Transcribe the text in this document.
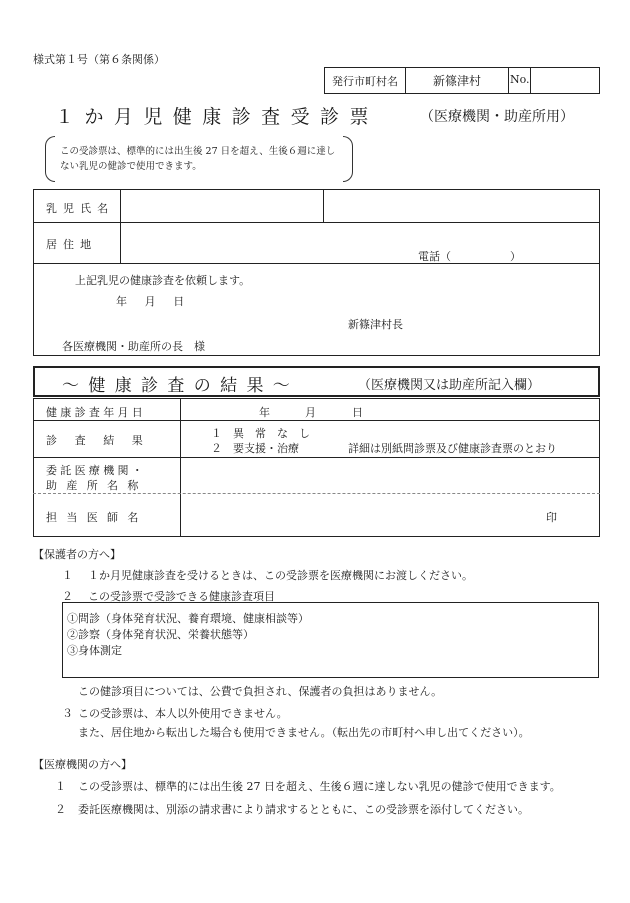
様式第１号（第６条関係）
発行市町村名	新篠津村	No.
１か月児健康診査受診票	（医療機関・助産所用）
この受診票は、標準的には出生後 27 日を超え、生後６週に達し
ない乳児の健診で使用できます。
乳児氏名
居住地
電話（	）
上記乳児の健康診査を依頼します。
年　月　日
新篠津村長
各医療機関・助産所の長　様
～健康診査の結果～	（医療機関又は助産所記入欄）
健康診査年月日	年	月	日
診査結果
１　異　常　な　し
２　要支援・治療	詳細は別紙問診票及び健康診査票のとおり
委託医療機関・
助産所名称
担当医師名	印
【保護者の方へ】
１ １か月児健康診査を受けるときは、この受診票を医療機関にお渡しください。
２ この受診票で受診できる健康診査項目
①問診（身体発育状況、養育環境、健康相談等）
②診察（身体発育状況、栄養状態等）
③身体測定
この健診項目については、公費で負担され、保護者の負担はありません。
３ この受診票は、本人以外使用できません。
また、居住地から転出した場合も使用できません。（転出先の市町村へ申し出てください）。
【医療機関の方へ】
１ この受診票は、標準的には出生後 27 日を超え、生後６週に達しない乳児の健診で使用できます。
２ 委託医療機関は、別添の請求書により請求するとともに、この受診票を添付してください。
